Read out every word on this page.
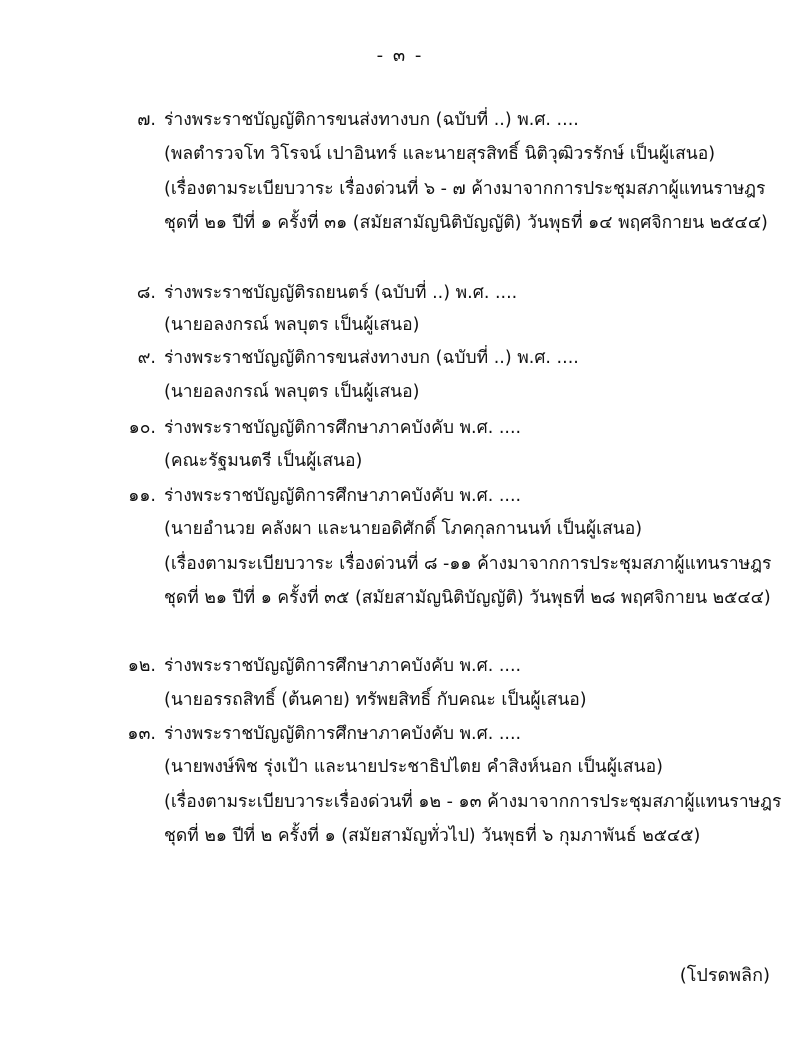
- ๓ -
๗. ร่างพระราชบัญญัติการขนส่งทางบก (ฉบับที่ ..) พ.ศ. ....
(พลตำรวจโท วิโรจน์ เปาอินทร์ และนายสุรสิทธิ์ นิติวุฒิวรรักษ์ เป็นผู้เสนอ)
(เรื่องตามระเบียบวาระ เรื่องด่วนที่ ๖ - ๗ ค้างมาจากการประชุมสภาผู้แทนราษฎร
ชุดที่ ๒๑ ปีที่ ๑ ครั้งที่ ๓๑ (สมัยสามัญนิติบัญญัติ) วันพุธที่ ๑๔ พฤศจิกายน ๒๕๔๔)
๘. ร่างพระราชบัญญัติรถยนตร์ (ฉบับที่ ..) พ.ศ. ....
(นายอลงกรณ์ พลบุตร เป็นผู้เสนอ)
๙. ร่างพระราชบัญญัติการขนส่งทางบก (ฉบับที่ ..) พ.ศ. ....
(นายอลงกรณ์ พลบุตร เป็นผู้เสนอ)
๑๐. ร่างพระราชบัญญัติการศึกษาภาคบังคับ พ.ศ. ....
(คณะรัฐมนตรี เป็นผู้เสนอ)
๑๑. ร่างพระราชบัญญัติการศึกษาภาคบังคับ พ.ศ. ....
(นายอำนวย คลังผา และนายอดิศักดิ์ โภคกุลกานนท์ เป็นผู้เสนอ)
(เรื่องตามระเบียบวาระ เรื่องด่วนที่ ๘ -๑๑ ค้างมาจากการประชุมสภาผู้แทนราษฎร
ชุดที่ ๒๑ ปีที่ ๑ ครั้งที่ ๓๕ (สมัยสามัญนิติบัญญัติ) วันพุธที่ ๒๘ พฤศจิกายน ๒๕๔๔)
๑๒. ร่างพระราชบัญญัติการศึกษาภาคบังคับ พ.ศ. ....
(นายอรรถสิทธิ์ (ต้นคาย) ทรัพยสิทธิ์ กับคณะ เป็นผู้เสนอ)
๑๓. ร่างพระราชบัญญัติการศึกษาภาคบังคับ พ.ศ. ....
(นายพงษ์พิช รุ่งเป้า และนายประชาธิปไตย คำสิงห์นอก เป็นผู้เสนอ)
(เรื่องตามระเบียบวาระเรื่องด่วนที่ ๑๒ - ๑๓ ค้างมาจากการประชุมสภาผู้แทนราษฎร
ชุดที่ ๒๑ ปีที่ ๒ ครั้งที่ ๑ (สมัยสามัญทั่วไป) วันพุธที่ ๖ กุมภาพันธ์ ๒๕๔๕)
(โปรดพลิก)
